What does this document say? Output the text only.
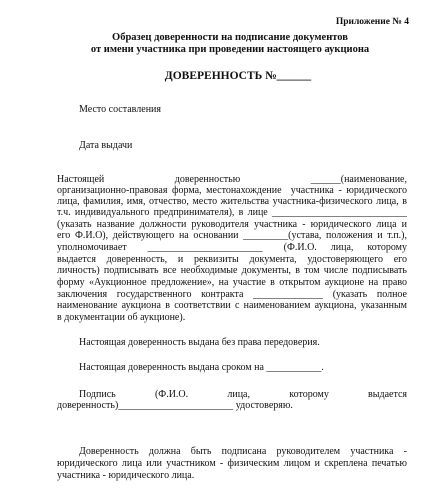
Приложение № 4
Образец доверенности на подписание документов
от имени участника при проведении настоящего аукциона
ДОВЕРЕННОСТЬ №______
Место составления
Дата выдачи
Настоящей                    доверенностью                    ______(наименование,
организационно-правовая форма, местонахождение  участника - юридического
лица, фамилия, имя, отчество, место жительства участника-физического лица, в
т.ч. индивидуального предпринимателя), в лице ___________________________
(указать название должности руководителя участника - юридического лица и
его Ф.И.О), действующего на основании _________(устава, положения и т.п.),
уполномочивает      _______________________      (Ф.И.О.    лица,    которому
выдается  доверенность,  и  реквизиты  документа,  удостоверяющего  его
личность) подписывать все необходимые документы, в том числе подписывать
форму «Аукционное предложение», на участие в открытом аукционе на право
заключения государственного контракта ______________ (указать полное
наименование аукциона в соответствии с наименованием аукциона, указанным
в документации об аукционе).
Настоящая доверенность выдана без права передоверия.
Настоящая доверенность выдана сроком на ___________.
Подпись              (Ф.И.О.              лица,              которому              выдается
доверенность)_______________________ удостоверяю.
Доверенность  должна  быть  подписана  руководителем  участника  -
юридического лица или участником - физическим лицом и скреплена печатью
участника - юридического лица.
